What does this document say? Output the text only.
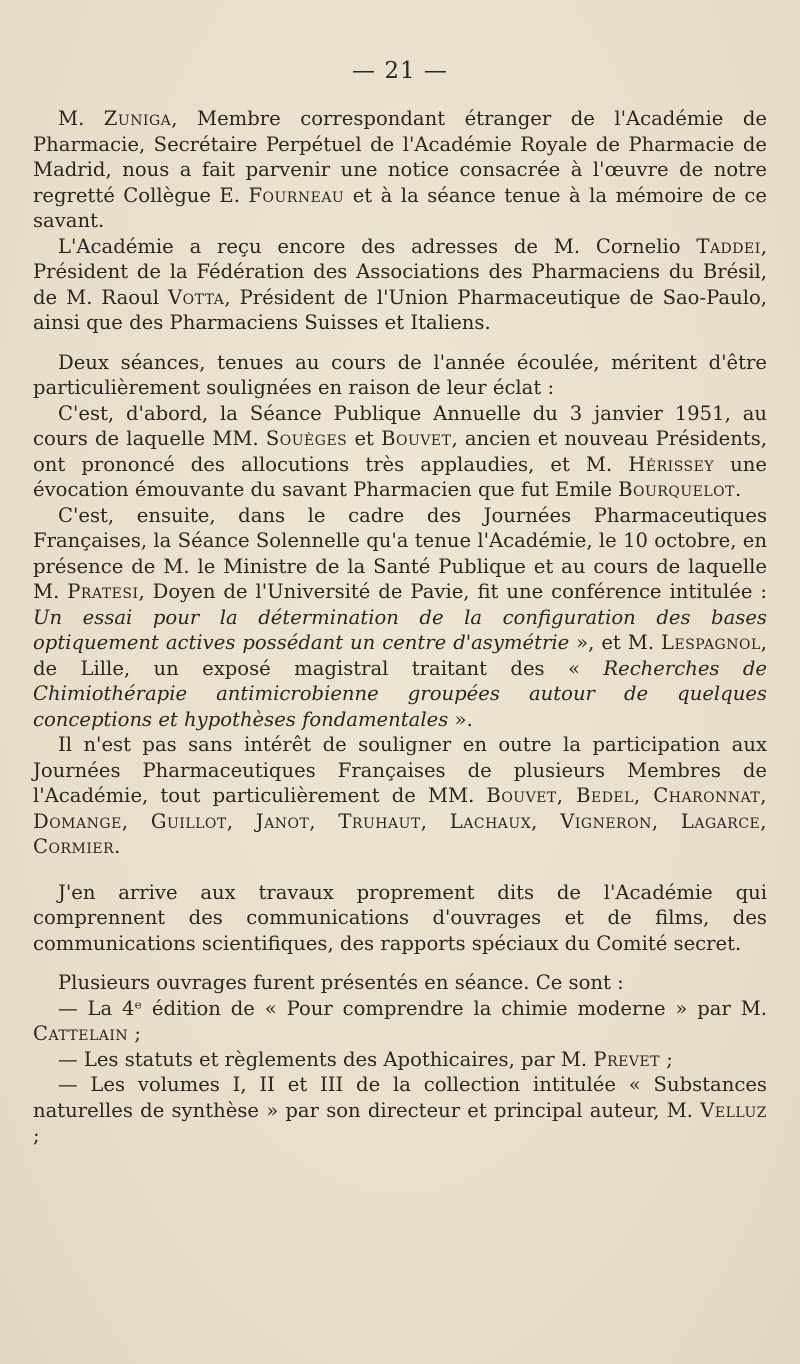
— 21 —

M. Zuniga, Membre correspondant étranger de l'Académie de Pharmacie, Secrétaire Perpétuel de l'Académie Royale de Pharmacie de Madrid, nous a fait parvenir une notice consacrée à l'œuvre de notre regretté Collègue E. Fourneau et à la séance tenue à la mémoire de ce savant.

L'Académie a reçu encore des adresses de M. Cornelio Taddei, Président de la Fédération des Associations des Pharmaciens du Brésil, de M. Raoul Votta, Président de l'Union Pharmaceutique de Sao-Paulo, ainsi que des Pharmaciens Suisses et Italiens.

Deux séances, tenues au cours de l'année écoulée, méritent d'être particulièrement soulignées en raison de leur éclat :

C'est, d'abord, la Séance Publique Annuelle du 3 janvier 1951, au cours de laquelle MM. Souèges et Bouvet, ancien et nouveau Présidents, ont prononcé des allocutions très applaudies, et M. Hérissey une évocation émouvante du savant Pharmacien que fut Emile Bourquelot.

C'est, ensuite, dans le cadre des Journées Pharmaceutiques Françaises, la Séance Solennelle qu'a tenue l'Académie, le 10 octobre, en présence de M. le Ministre de la Santé Publique et au cours de laquelle M. Pratesi, Doyen de l'Université de Pavie, fit une conférence intitulée : Un essai pour la détermination de la configuration des bases optiquement actives possédant un centre d'asymétrie », et M. Lespagnol, de Lille, un exposé magistral traitant des « Recherches de Chimiothérapie antimicrobienne groupées autour de quelques conceptions et hypothèses fondamentales ».

Il n'est pas sans intérêt de souligner en outre la participation aux Journées Pharmaceutiques Françaises de plusieurs Membres de l'Académie, tout particulièrement de MM. Bouvet, Bedel, Charonnat, Domange, Guillot, Janot, Truhaut, Lachaux, Vigneron, Lagarce, Cormier.

J'en arrive aux travaux proprement dits de l'Académie qui comprennent des communications d'ouvrages et de films, des communications scientifiques, des rapports spéciaux du Comité secret.

Plusieurs ouvrages furent présentés en séance. Ce sont :

— La 4ᵉ édition de « Pour comprendre la chimie moderne » par M. Cattelain ;

— Les statuts et règlements des Apothicaires, par M. Prevet ;

— Les volumes I, II et III de la collection intitulée « Substances naturelles de synthèse » par son directeur et principal auteur, M. Velluz ;
